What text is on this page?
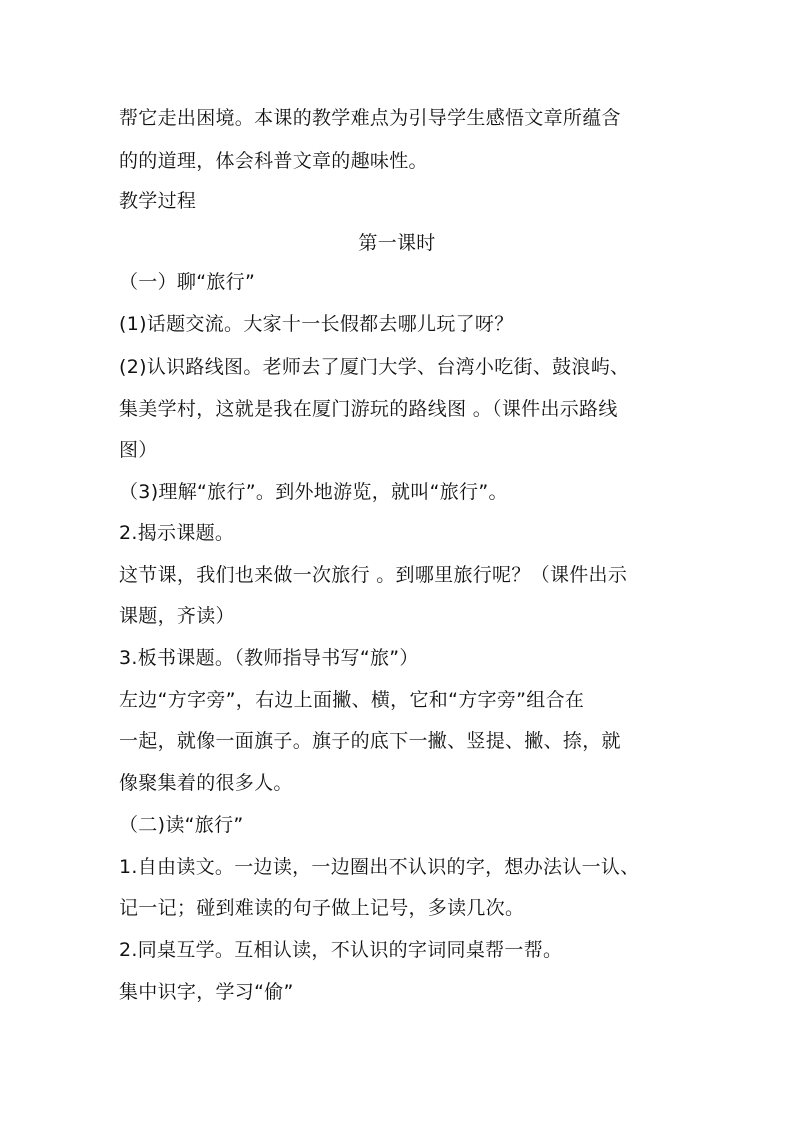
帮它走出困境。本课的教学难点为引导学生感悟文章所蕴含
的的道理，体会科普文章的趣味性。
教学过程
第一课时
（一）聊“旅行”
(1)话题交流。大家十一长假都去哪儿玩了呀？
(2)认识路线图。老师去了厦门大学、台湾小吃街、鼓浪屿、
集美学村，这就是我在厦门游玩的路线图 。（课件出示路线
图）
（3)理解“旅行”。到外地游览，就叫“旅行”。
2.揭示课题。
这节课，我们也来做一次旅行 。到哪里旅行呢？（课件出示
课题，齐读）
3.板书课题。（教师指导书写“旅”）
左边“方字旁”，右边上面撇、横，它和“方字旁”组合在
一起，就像一面旗子。旗子的底下一撇、竖提、撇、捺，就
像聚集着的很多人。
（二)读“旅行”
1.自由读文。一边读，一边圈出不认识的字，想办法认一认、
记一记；碰到难读的句子做上记号，多读几次。
2.同桌互学。互相认读，不认识的字词同桌帮一帮。
集中识字，学习“偷”
